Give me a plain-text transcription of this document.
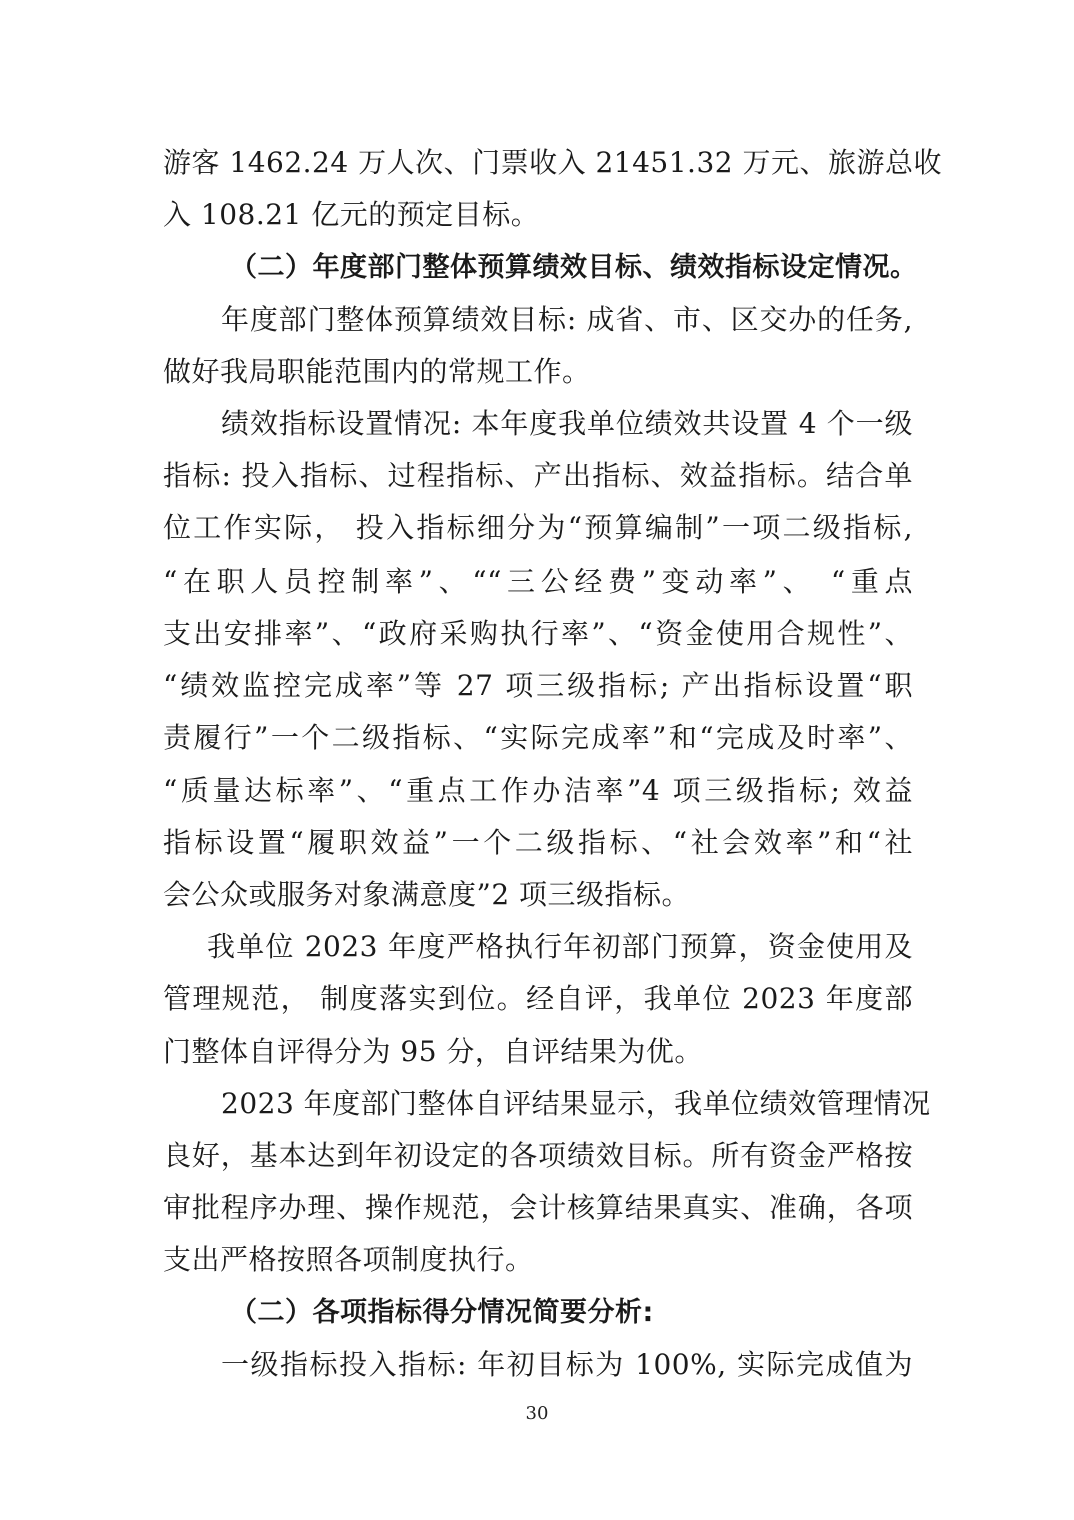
游客 1462.24 万人次、门票收入 21451.32 万元、旅游总收
入 108.21 亿元的预定目标。
（二）年度部门整体预算绩效目标、绩效指标设定情况。
年度部门整体预算绩效目标: 成省、市、区交办的任务,
做好我局职能范围内的常规工作。
绩效指标设置情况: 本年度我单位绩效共设置 4 个一级
指标: 投入指标、过程指标、产出指标、效益指标。结合单
位工作实际， 投入指标细分为“预算编制”一项二级指标,
“在职人员控制率”、““三公经费”变动率”、 “重点
支出安排率”、“政府采购执行率”、“资金使用合规性”、
“绩效监控完成率”等 27 项三级指标; 产出指标设置“职
责履行”一个二级指标、“实际完成率”和“完成及时率”、
“质量达标率”、“重点工作办洁率”4 项三级指标; 效益
指标设置“履职效益”一个二级指标、“社会效率”和“社
会公众或服务对象满意度”2 项三级指标。
我单位 2023 年度严格执行年初部门预算，资金使用及
管理规范， 制度落实到位。经自评，我单位 2023 年度部
门整体自评得分为 95 分，自评结果为优。
2023 年度部门整体自评结果显示，我单位绩效管理情况
良好，基本达到年初设定的各项绩效目标。所有资金严格按
审批程序办理、操作规范，会计核算结果真实、准确，各项
支出严格按照各项制度执行。
（二）各项指标得分情况简要分析:
一级指标投入指标: 年初目标为 100%, 实际完成值为
30
